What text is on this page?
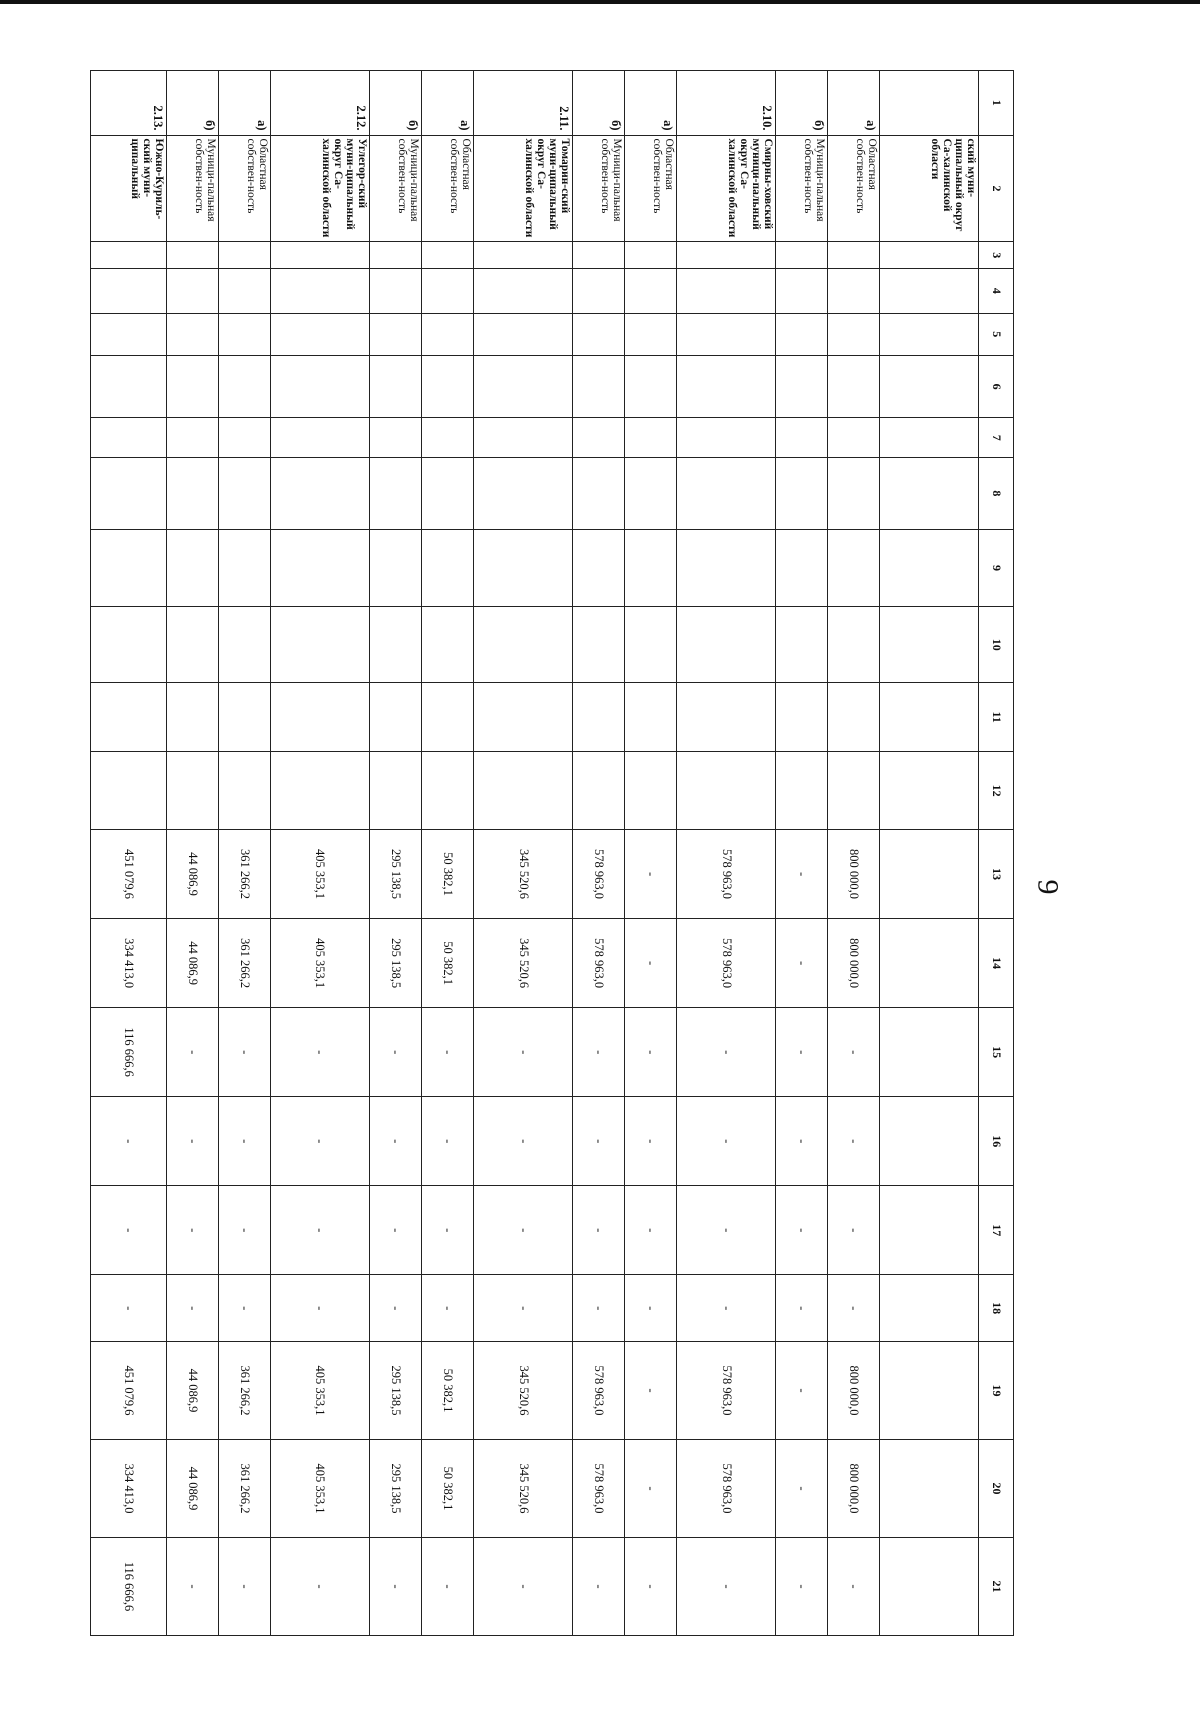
9
1	2	3	4	5	6	7	8	9	10	11	12	13	14	15	16	17	18	19	20	21
	ский муни-ципальный округ Са-халинской области																			
а)	Областная собствен-ность											800 000,0	800 000,0	-	-	-	-	800 000,0	800 000,0	-
б)	Муници-пальная собствен-ность											-	-	-	-	-	-	-	-	-
2.10.	Смирны-ховский муници-пальный округ Са-халинской области											578 963,0	578 963,0	-	-	-	-	578 963,0	578 963,0	-
а)	Областная собствен-ность											-	-	-	-	-	-	-	-	-
б)	Муници-пальная собствен-ность											578 963,0	578 963,0	-	-	-	-	578 963,0	578 963,0	-
2.11.	Томарин-ский муни-ципальный округ Са-халинской области											345 520,6	345 520,6	-	-	-	-	345 520,6	345 520,6	-
а)	Областная собствен-ность											50 382,1	50 382,1	-	-	-	-	50 382,1	50 382,1	-
б)	Муници-пальная собствен-ность											295 138,5	295 138,5	-	-	-	-	295 138,5	295 138,5	-
2.12.	Углегор-ский муни-ципальный округ Са-халинской области											405 353,1	405 353,1	-	-	-	-	405 353,1	405 353,1	-
а)	Областная собствен-ность											361 266,2	361 266,2	-	-	-	-	361 266,2	361 266,2	-
б)	Муници-пальная собствен-ность											44 086,9	44 086,9	-	-	-	-	44 086,9	44 086,9	-
2.13.	Южно-Куриль-ский муни-ципальный											451 079,6	334 413,0	116 666,6	-	-	-	451 079,6	334 413,0	116 666,6
